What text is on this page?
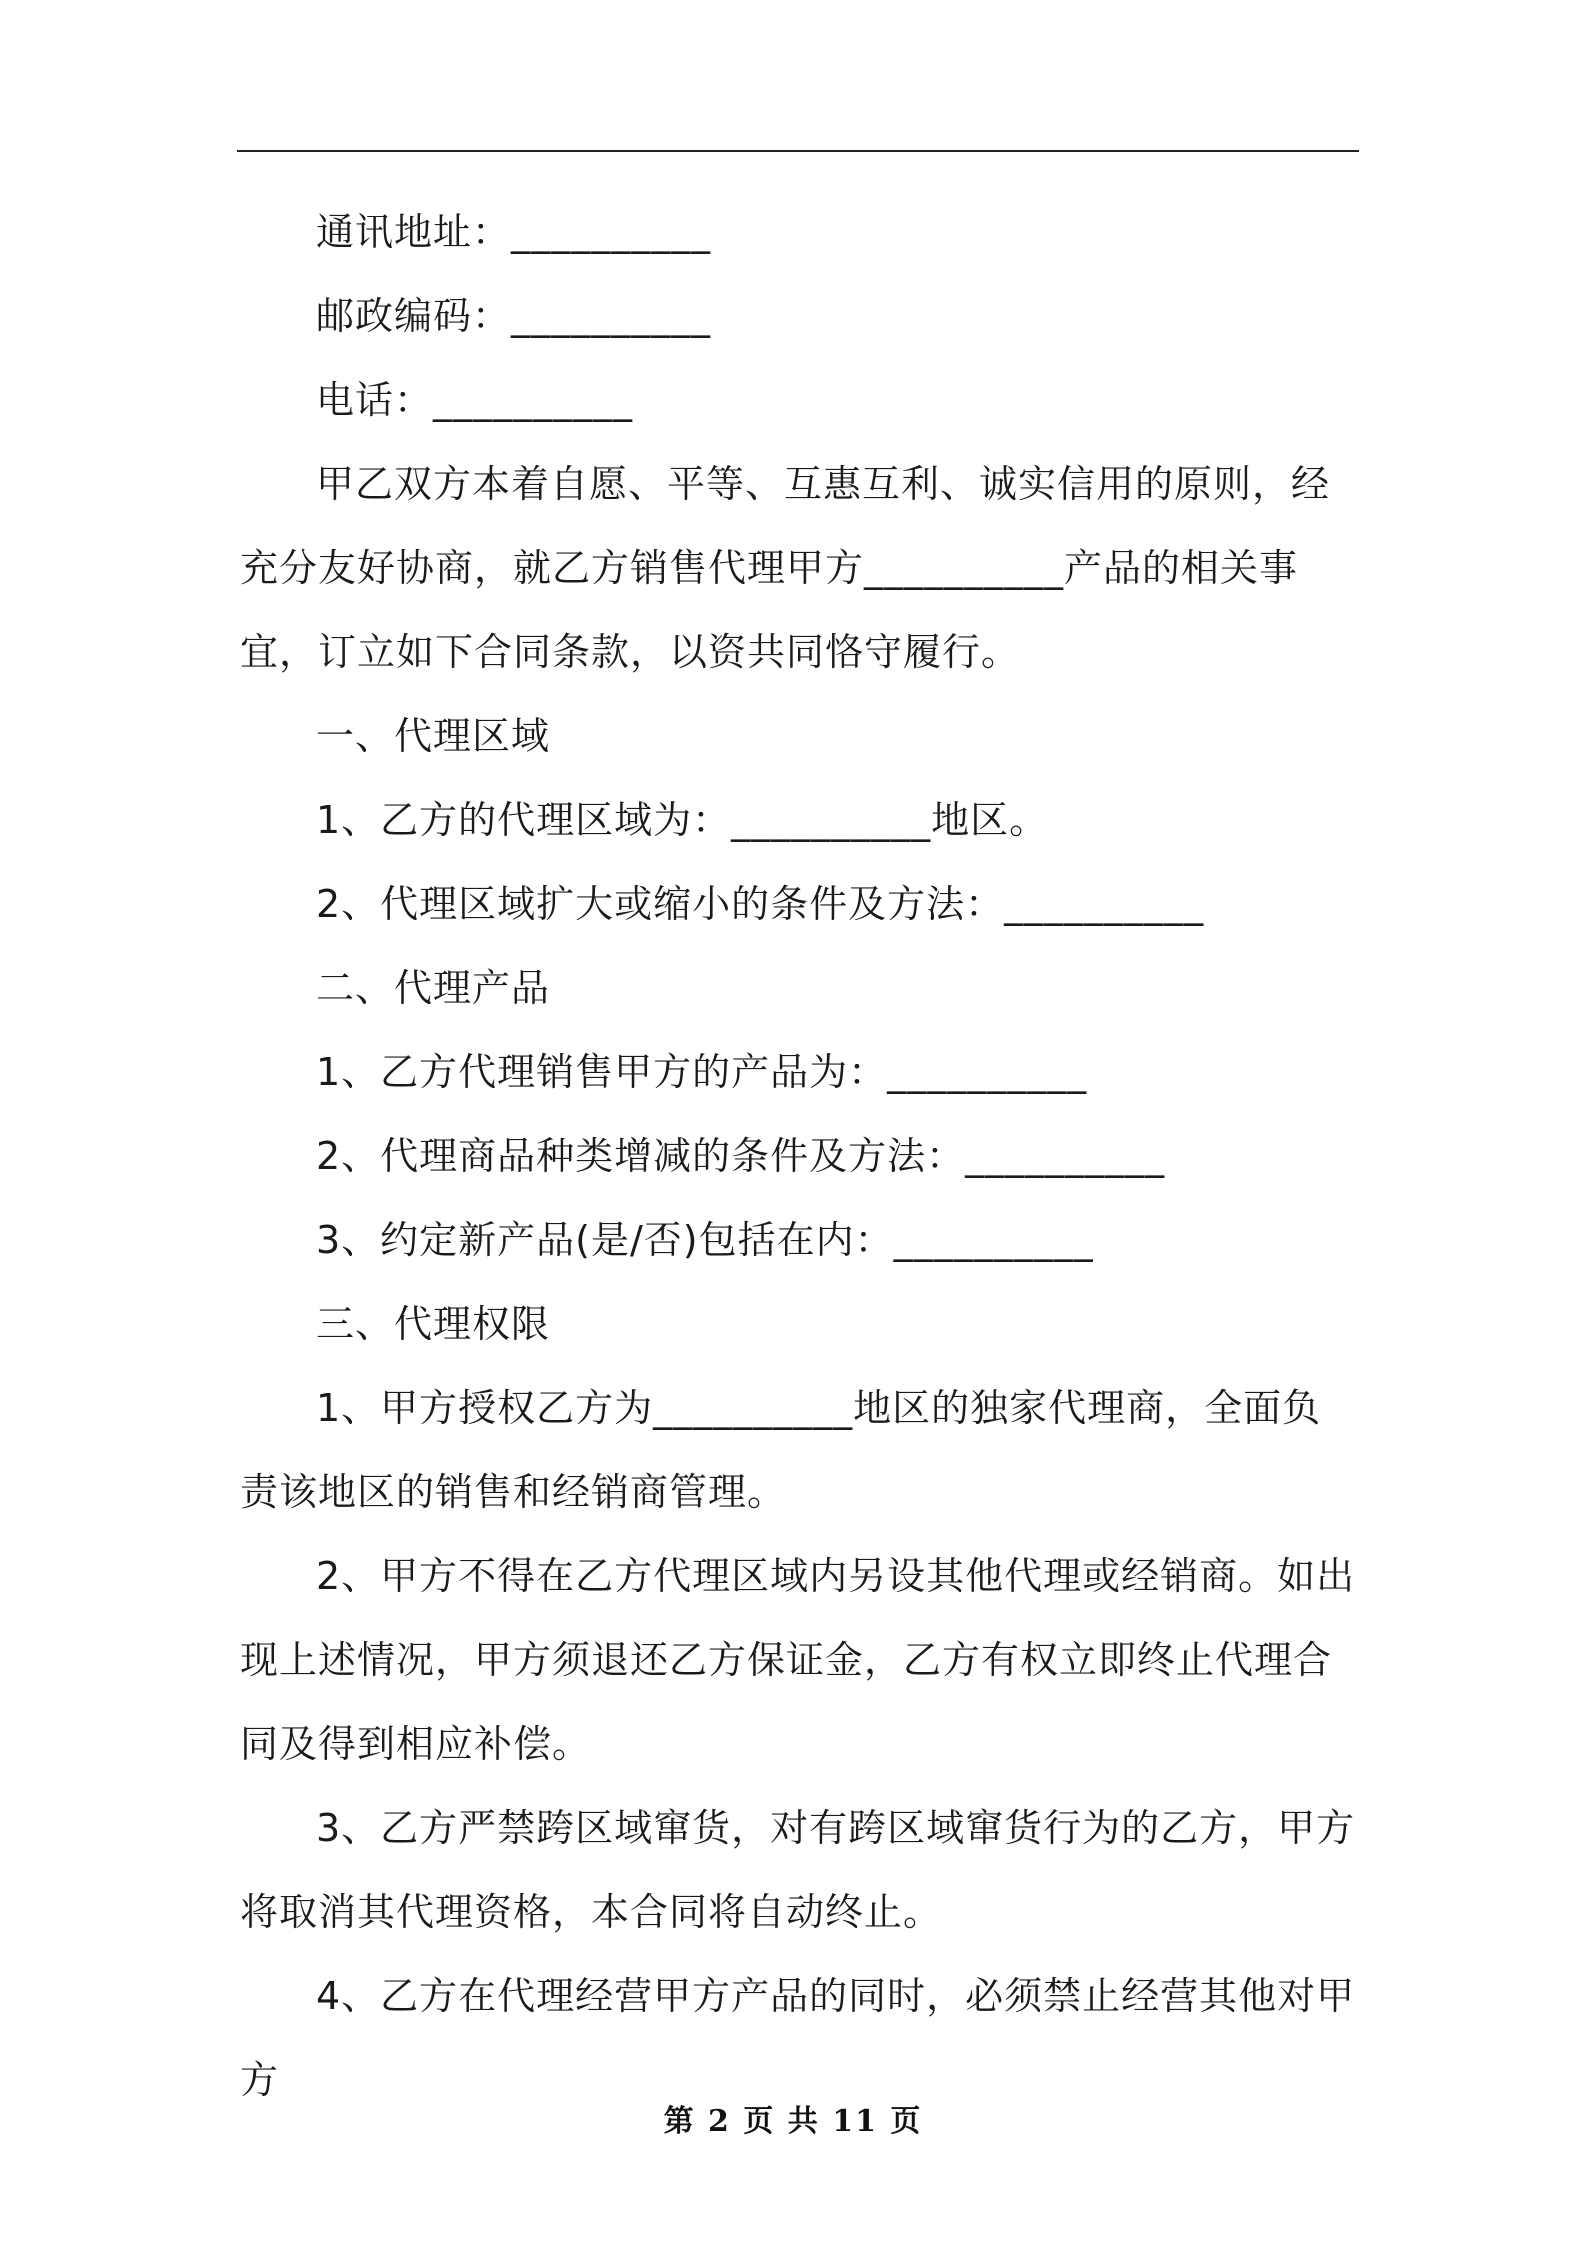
通讯地址：__________

邮政编码：__________

电话：__________

甲乙双方本着自愿、平等、互惠互利、诚实信用的原则，经充分友好协商，就乙方销售代理甲方__________产品的相关事宜，订立如下合同条款，以资共同恪守履行。

一、代理区域

1、乙方的代理区域为：__________地区。

2、代理区域扩大或缩小的条件及方法：__________

二、代理产品

1、乙方代理销售甲方的产品为：__________

2、代理商品种类增减的条件及方法：__________

3、约定新产品(是/否)包括在内：__________

三、代理权限

1、甲方授权乙方为__________地区的独家代理商，全面负责该地区的销售和经销商管理。

2、甲方不得在乙方代理区域内另设其他代理或经销商。如出现上述情况，甲方须退还乙方保证金，乙方有权立即终止代理合同及得到相应补偿。

3、乙方严禁跨区域窜货，对有跨区域窜货行为的乙方，甲方将取消其代理资格，本合同将自动终止。

4、乙方在代理经营甲方产品的同时，必须禁止经营其他对甲方

第 2 页 共 11 页
